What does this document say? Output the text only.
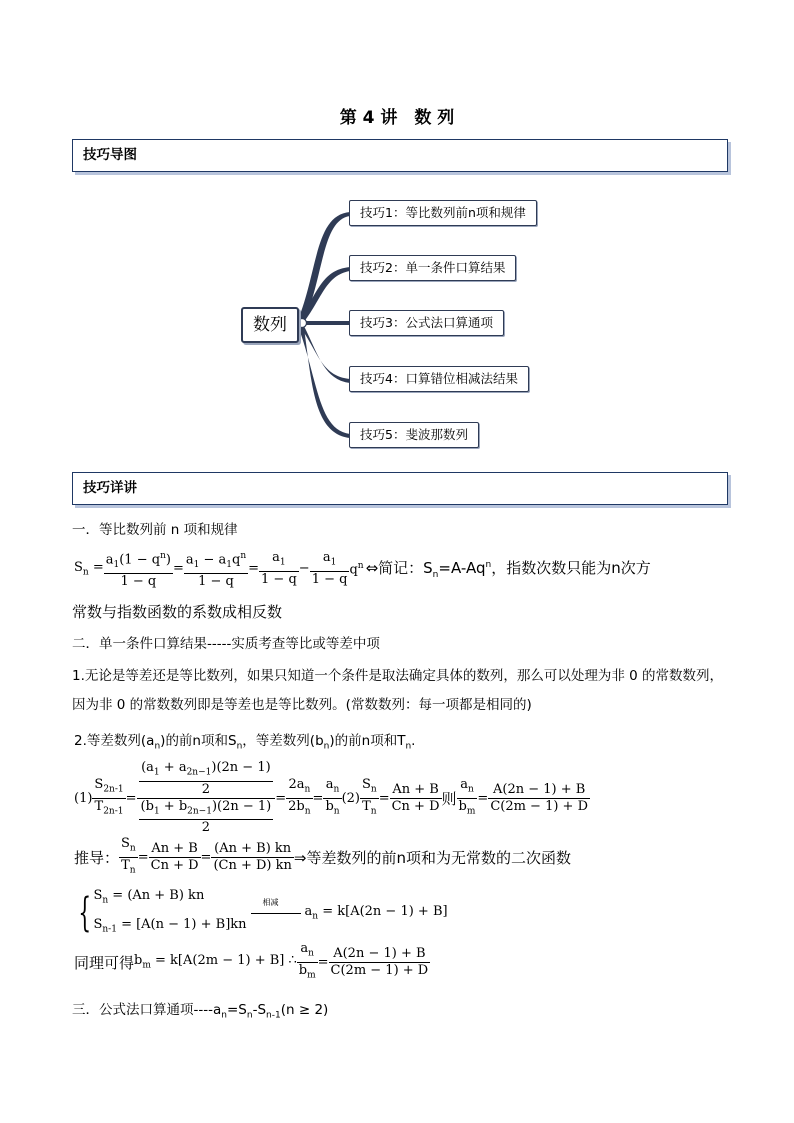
第 4 讲　数 列
技巧导图
数列
技巧1：等比数列前n项和规律
技巧2：单一条件口算结果
技巧3：公式法口算通项
技巧4：口算错位相减法结果
技巧5：斐波那数列
技巧详讲
一．等比数列前 n 项和规律
$S_n = \frac{a_1(1 - q^n)}{1 - q} = \frac{a_1 - a_1q^n}{1 - q} = \frac{a_1}{1 - q} - \frac{a_1}{1 - q} q^n$ ⇔简记：$S_n=A-Aq^n$，指数次数只能为n次方
常数与指数函数的系数成相反数
二．单一条件口算结果-----实质考查等比或等差中项
1.无论是等差还是等比数列，如果只知道一个条件是取法确定具体的数列，那么可以处理为非 0 的常数数列，因为非 0 的常数数列即是等差也是等比数列。(常数数列：每一项都是相同的)
2.等差数列$(a_n)$的前n项和$S_n$，等差数列$(b_n)$的前n项和$T_n$.
$(1) \frac{S_{2n-1}}{T_{2n-1}} = \frac{\frac{(a_1 + a_{2n-1})(2n - 1)}{2}}{\frac{(b_1 + b_{2n-1})(2n - 1)}{2}} = \frac{2a_n}{2b_n} = \frac{a_n}{b_n} (2) \frac{S_n}{T_n} = \frac{An + B}{Cn + D}$ 则 $\frac{a_n}{b_m} = \frac{A(2n - 1) + B}{C(2m - 1) + D}$
推导： $\frac{S_n}{T_n} = \frac{An + B}{Cn + D} = \frac{(An + B) kn}{(Cn + D) kn}$ ⇒等差数列的前n项和为无常数的二次函数
{ $S_n = (An + B)$ kn
$S_{n-1} = [A(n - 1) + B]kn$
相减
$a_n = k[A(2n - 1) + B]$
同理可得 $b_m = k[A(2m - 1) + B]$ ∴ $\frac{a_n}{b_m} = \frac{A(2n - 1) + B}{C(2m - 1) + D}$
三．公式法口算通项$----a_n=S_n-S_{n-1}(n \ge 2)$
